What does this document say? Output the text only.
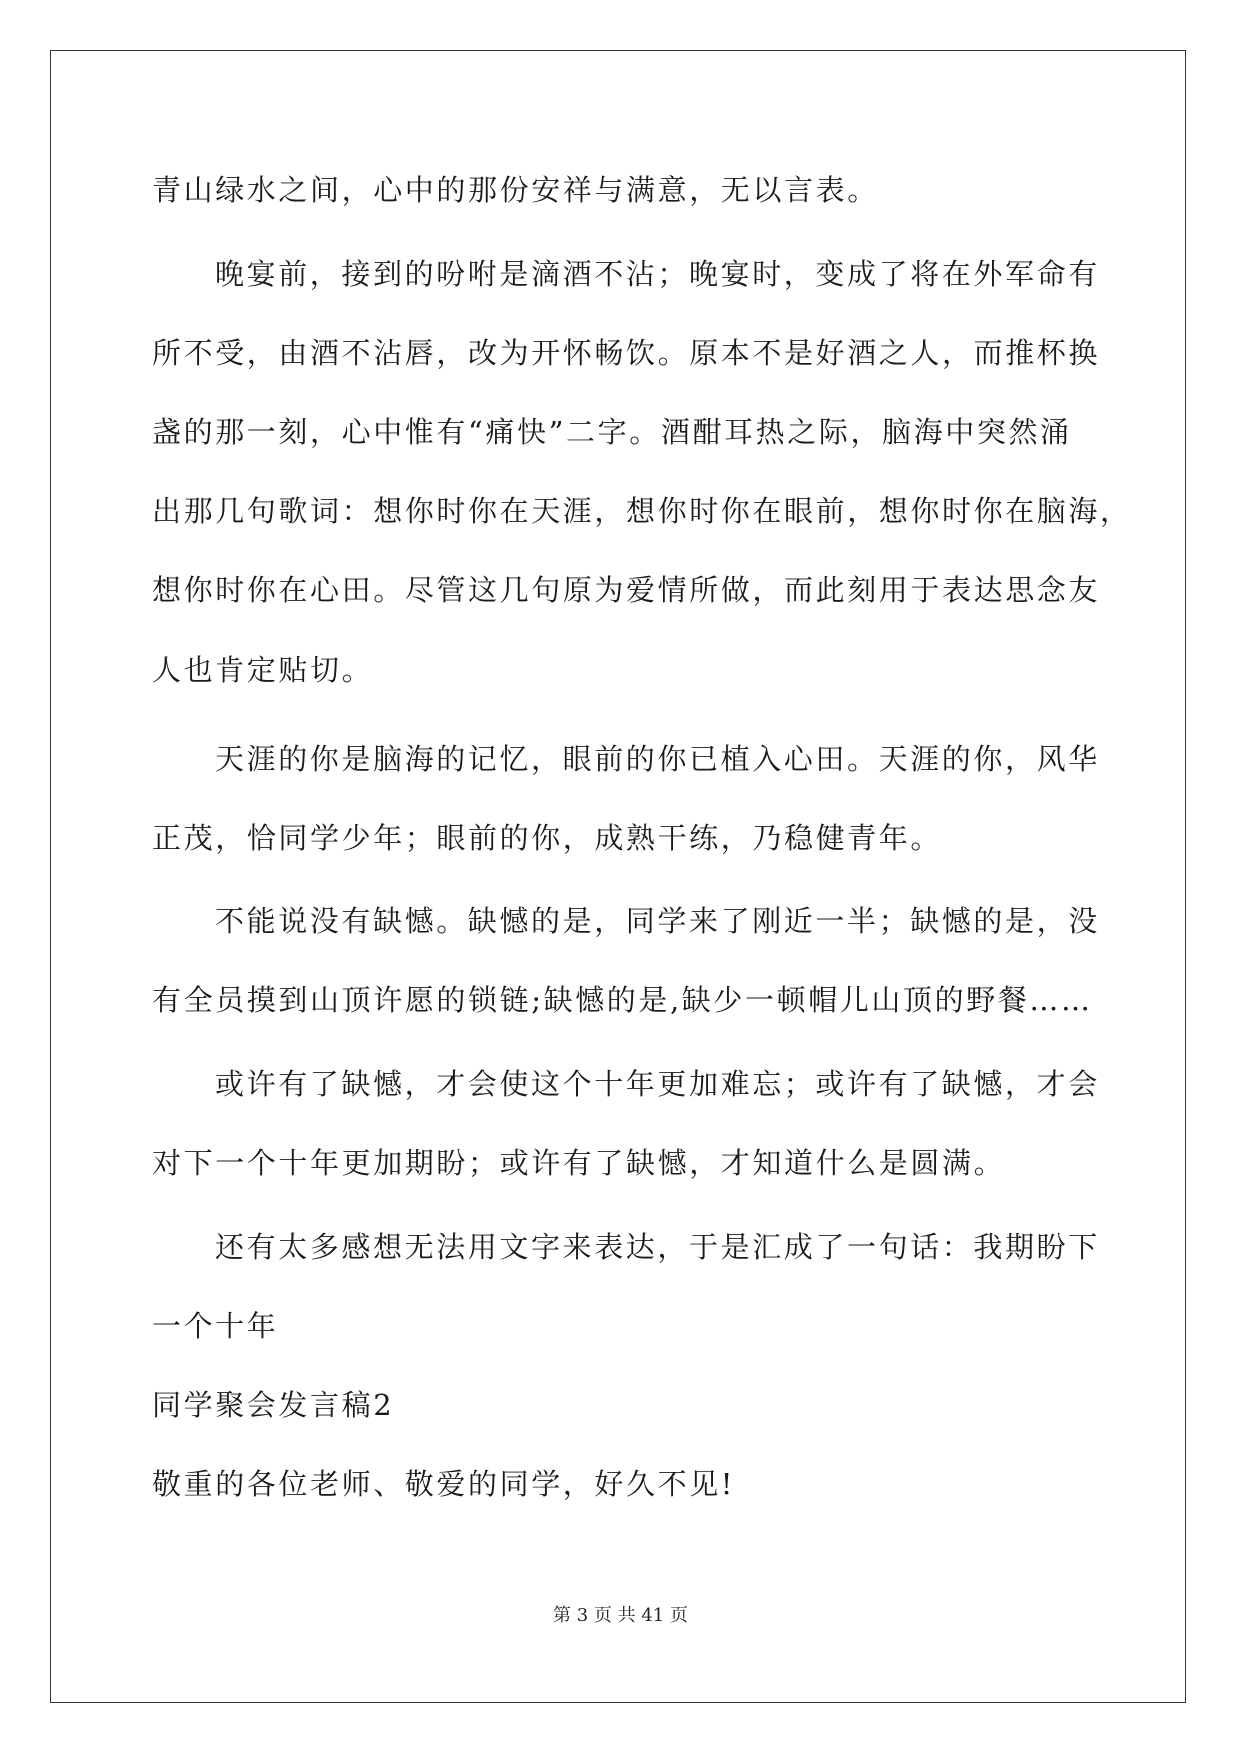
青山绿水之间，心中的那份安祥与满意，无以言表。
晚宴前，接到的吩咐是滴酒不沾；晚宴时，变成了将在外军命有
所不受，由酒不沾唇，改为开怀畅饮。原本不是好酒之人，而推杯换
盏的那一刻，心中惟有“痛快”二字。酒酣耳热之际，脑海中突然涌
出那几句歌词：想你时你在天涯，想你时你在眼前，想你时你在脑海，
想你时你在心田。尽管这几句原为爱情所做，而此刻用于表达思念友
人也肯定贴切。
天涯的你是脑海的记忆，眼前的你已植入心田。天涯的你，风华
正茂，恰同学少年；眼前的你，成熟干练，乃稳健青年。
不能说没有缺憾。缺憾的是，同学来了刚近一半；缺憾的是，没
有全员摸到山顶许愿的锁链;缺憾的是,缺少一顿帽儿山顶的野餐……
或许有了缺憾，才会使这个十年更加难忘；或许有了缺憾，才会
对下一个十年更加期盼；或许有了缺憾，才知道什么是圆满。
还有太多感想无法用文字来表达，于是汇成了一句话：我期盼下
一个十年
同学聚会发言稿2
敬重的各位老师、敬爱的同学，好久不见!
第 3 页 共 41 页
